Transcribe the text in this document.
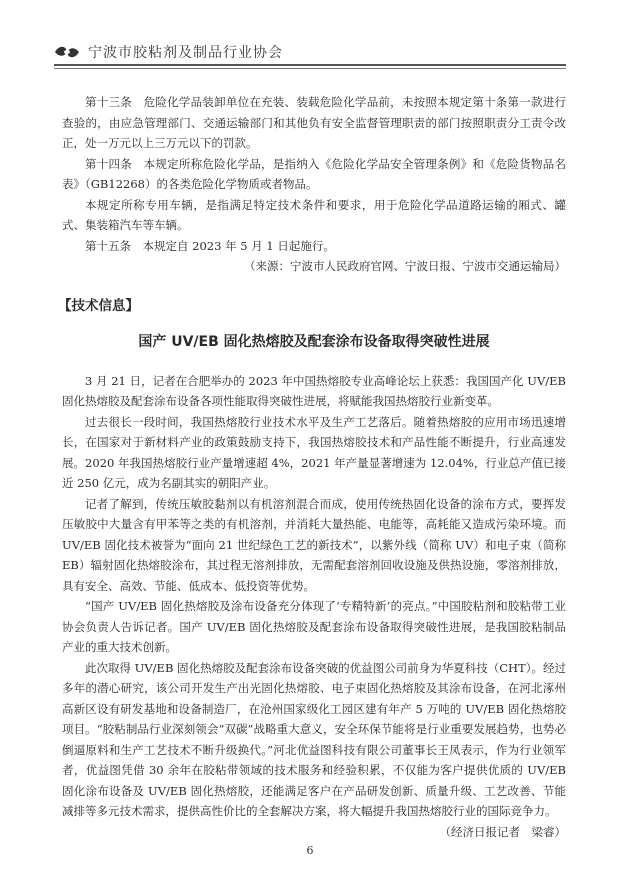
宁波市胶粘剂及制品行业协会

第十三条　危险化学品装卸单位在充装、装载危险化学品前，未按照本规定第十条第一款进行查验的，由应急管理部门、交通运输部门和其他负有安全监督管理职责的部门按照职责分工责令改正，处一万元以上三万元以下的罚款。

第十四条　本规定所称危险化学品，是指纳入《危险化学品安全管理条例》和《危险货物品名表》（GB12268）的各类危险化学物质或者物品。

本规定所称专用车辆，是指满足特定技术条件和要求，用于危险化学品道路运输的厢式、罐式、集装箱汽车等车辆。

第十五条　本规定自 2023 年 5 月 1 日起施行。

（来源：宁波市人民政府官网、宁波日报、宁波市交通运输局）

【技术信息】

国产 UV/EB 固化热熔胶及配套涂布设备取得突破性进展

3 月 21 日，记者在合肥举办的 2023 年中国热熔胶专业高峰论坛上获悉：我国国产化 UV/EB 固化热熔胶及配套涂布设备各项性能取得突破性进展，将赋能我国热熔胶行业新变革。

过去很长一段时间，我国热熔胶行业技术水平及生产工艺落后。随着热熔胶的应用市场迅速增长，在国家对于新材料产业的政策鼓励支持下，我国热熔胶技术和产品性能不断提升，行业高速发展。2020 年我国热熔胶行业产量增速超 4%，2021 年产量显著增速为 12.04%，行业总产值已接近 250 亿元，成为名副其实的朝阳产业。

记者了解到，传统压敏胶黏剂以有机溶剂混合而成，使用传统热固化设备的涂布方式，要挥发压敏胶中大量含有甲苯等之类的有机溶剂，并消耗大量热能、电能等，高耗能又造成污染环境。而 UV/EB 固化技术被誉为“面向 21 世纪绿色工艺的新技术”，以紫外线（简称 UV）和电子束（简称 EB）辐射固化热熔胶涂布，其过程无溶剂排放，无需配套溶剂回收设施及供热设施，零溶剂排放，具有安全、高效、节能、低成本、低投资等优势。

“国产 UV/EB 固化热熔胶及涂布设备充分体现了‘专精特新’的亮点。”中国胶粘剂和胶粘带工业协会负责人告诉记者。国产 UV/EB 固化热熔胶及配套涂布设备取得突破性进展，是我国胶粘制品产业的重大技术创新。

此次取得 UV/EB 固化热熔胶及配套涂布设备突破的优益图公司前身为华夏科技（CHT）。经过多年的潜心研究，该公司开发生产出光固化热熔胶、电子束固化热熔胶及其涂布设备，在河北涿州高新区设有研发基地和设备制造厂，在沧州国家级化工园区建有年产 5 万吨的 UV/EB 固化热熔胶项目。“胶粘制品行业深刻领会“双碳”战略重大意义，安全环保节能将是行业重要发展趋势，也势必倒逼原料和生产工艺技术不断升级换代。”河北优益图科技有限公司董事长王凤表示，作为行业领军者，优益图凭借 30 余年在胶粘带领域的技术服务和经验积累，不仅能为客户提供优质的 UV/EB 固化涂布设备及 UV/EB 固化热熔胶，还能满足客户在产品研发创新、质量升级、工艺改善、节能减排等多元技术需求，提供高性价比的全套解决方案，将大幅提升我国热熔胶行业的国际竞争力。

（经济日报记者　梁睿）

6
